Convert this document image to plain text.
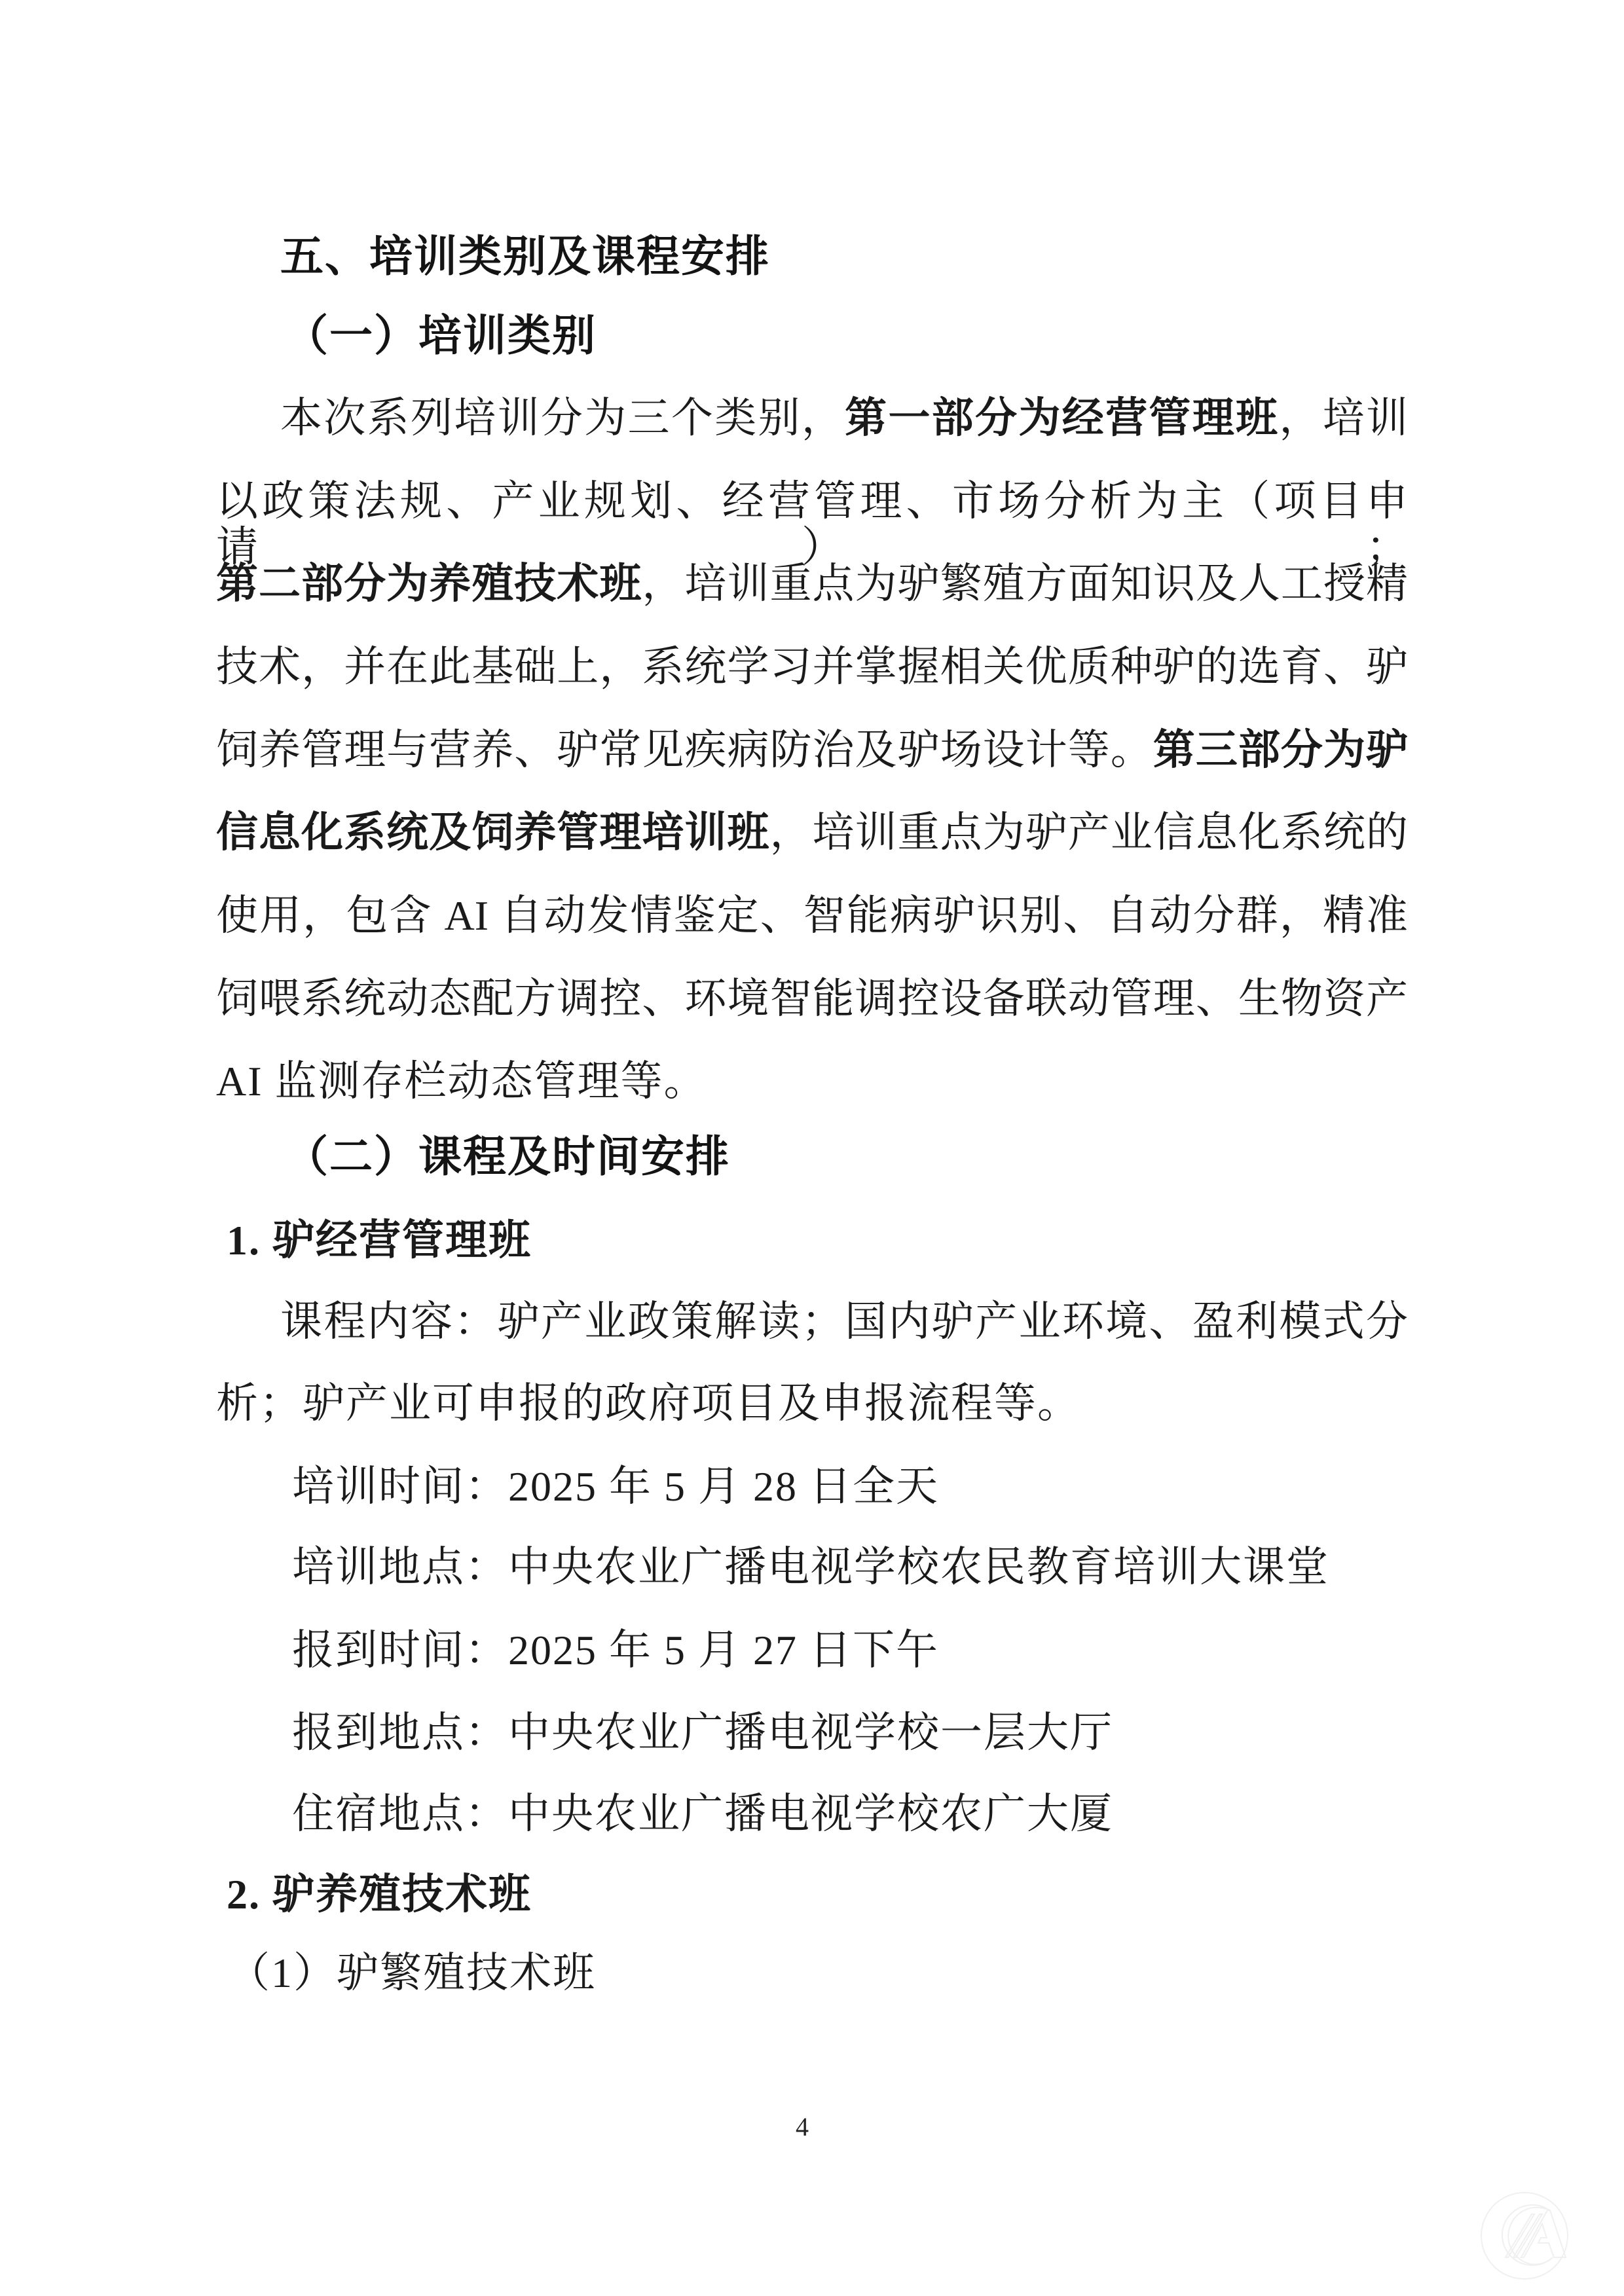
五、培训类别及课程安排
（一）培训类别
本次系列培训分为三个类别，第一部分为经营管理班，培训
以政策法规、产业规划、经营管理、市场分析为主（项目申请）；
第二部分为养殖技术班，培训重点为驴繁殖方面知识及人工授精
技术，并在此基础上，系统学习并掌握相关优质种驴的选育、驴
饲养管理与营养、驴常见疾病防治及驴场设计等。第三部分为驴
信息化系统及饲养管理培训班，培训重点为驴产业信息化系统的
使用，包含 AI 自动发情鉴定、智能病驴识别、自动分群，精准
饲喂系统动态配方调控、环境智能调控设备联动管理、生物资产
AI 监测存栏动态管理等。
（二）课程及时间安排
1. 驴经营管理班
课程内容：驴产业政策解读；国内驴产业环境、盈利模式分
析；驴产业可申报的政府项目及申报流程等。
培训时间：2025 年 5 月 28 日全天
培训地点：中央农业广播电视学校农民教育培训大课堂
报到时间：2025 年 5 月 27 日下午
报到地点：中央农业广播电视学校一层大厅
住宿地点：中央农业广播电视学校农广大厦
2. 驴养殖技术班
（1）驴繁殖技术班
4
